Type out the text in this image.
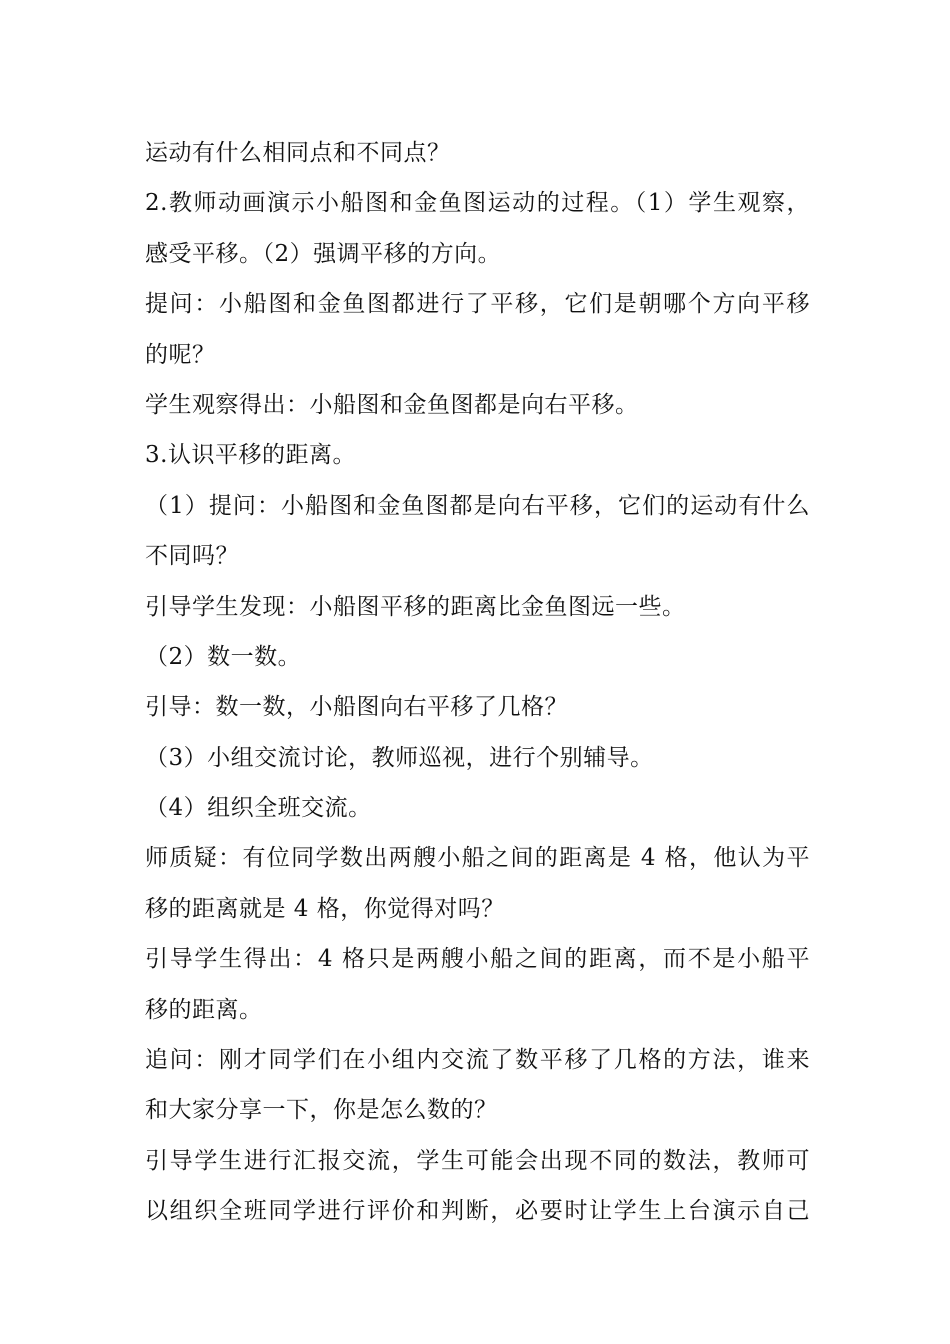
运动有什么相同点和不同点？
2.教师动画演示小船图和金鱼图运动的过程。（1）学生观察，
感受平移。（2）强调平移的方向。
提问：小船图和金鱼图都进行了平移，它们是朝哪个方向平移
的呢？
学生观察得出：小船图和金鱼图都是向右平移。
3.认识平移的距离。
（1）提问：小船图和金鱼图都是向右平移，它们的运动有什么
不同吗？
引导学生发现：小船图平移的距离比金鱼图远一些。
（2）数一数。
引导：数一数，小船图向右平移了几格？
（3）小组交流讨论，教师巡视，进行个别辅导。
（4）组织全班交流。
师质疑：有位同学数出两艘小船之间的距离是 4 格，他认为平
移的距离就是 4 格，你觉得对吗？
引导学生得出：4 格只是两艘小船之间的距离，而不是小船平
移的距离。
追问：刚才同学们在小组内交流了数平移了几格的方法，谁来
和大家分享一下，你是怎么数的？
引导学生进行汇报交流，学生可能会出现不同的数法，教师可
以组织全班同学进行评价和判断，必要时让学生上台演示自己
